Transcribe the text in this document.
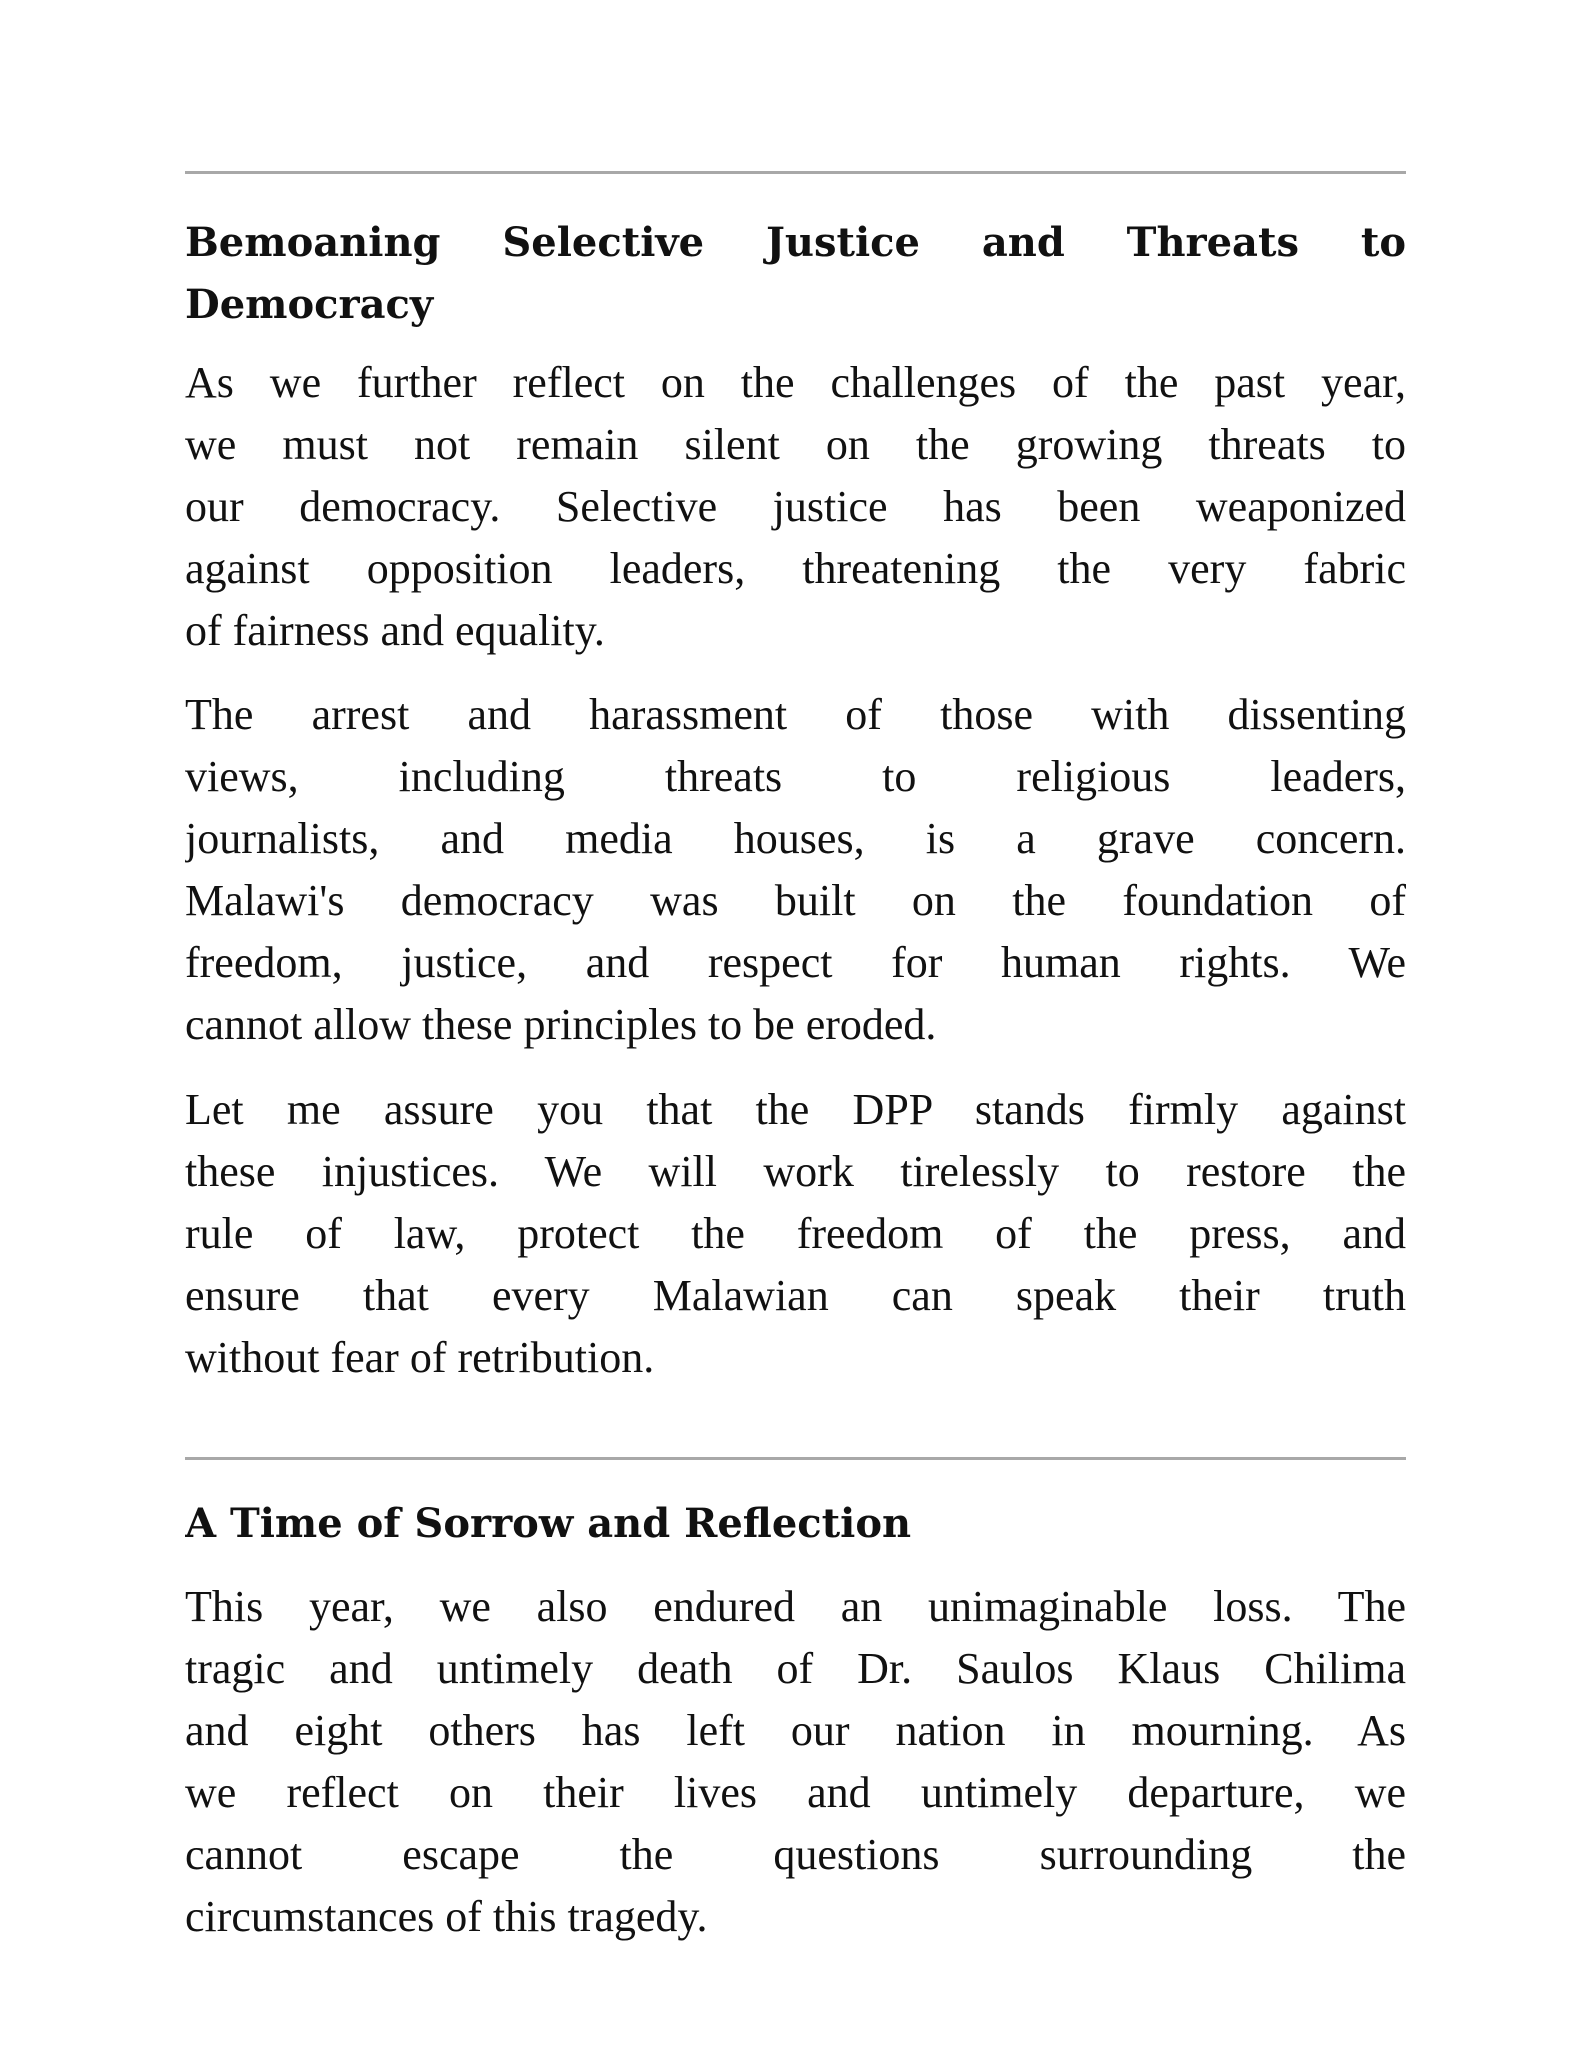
Bemoaning Selective Justice and Threats to
Democracy
As we further reflect on the challenges of the past year,
we must not remain silent on the growing threats to
our democracy. Selective justice has been weaponized
against opposition leaders, threatening the very fabric
of fairness and equality.
The arrest and harassment of those with dissenting
views, including threats to religious leaders,
journalists, and media houses, is a grave concern.
Malawi's democracy was built on the foundation of
freedom, justice, and respect for human rights. We
cannot allow these principles to be eroded.
Let me assure you that the DPP stands firmly against
these injustices. We will work tirelessly to restore the
rule of law, protect the freedom of the press, and
ensure that every Malawian can speak their truth
without fear of retribution.
A Time of Sorrow and Reflection
This year, we also endured an unimaginable loss. The
tragic and untimely death of Dr. Saulos Klaus Chilima
and eight others has left our nation in mourning. As
we reflect on their lives and untimely departure, we
cannot escape the questions surrounding the
circumstances of this tragedy.
